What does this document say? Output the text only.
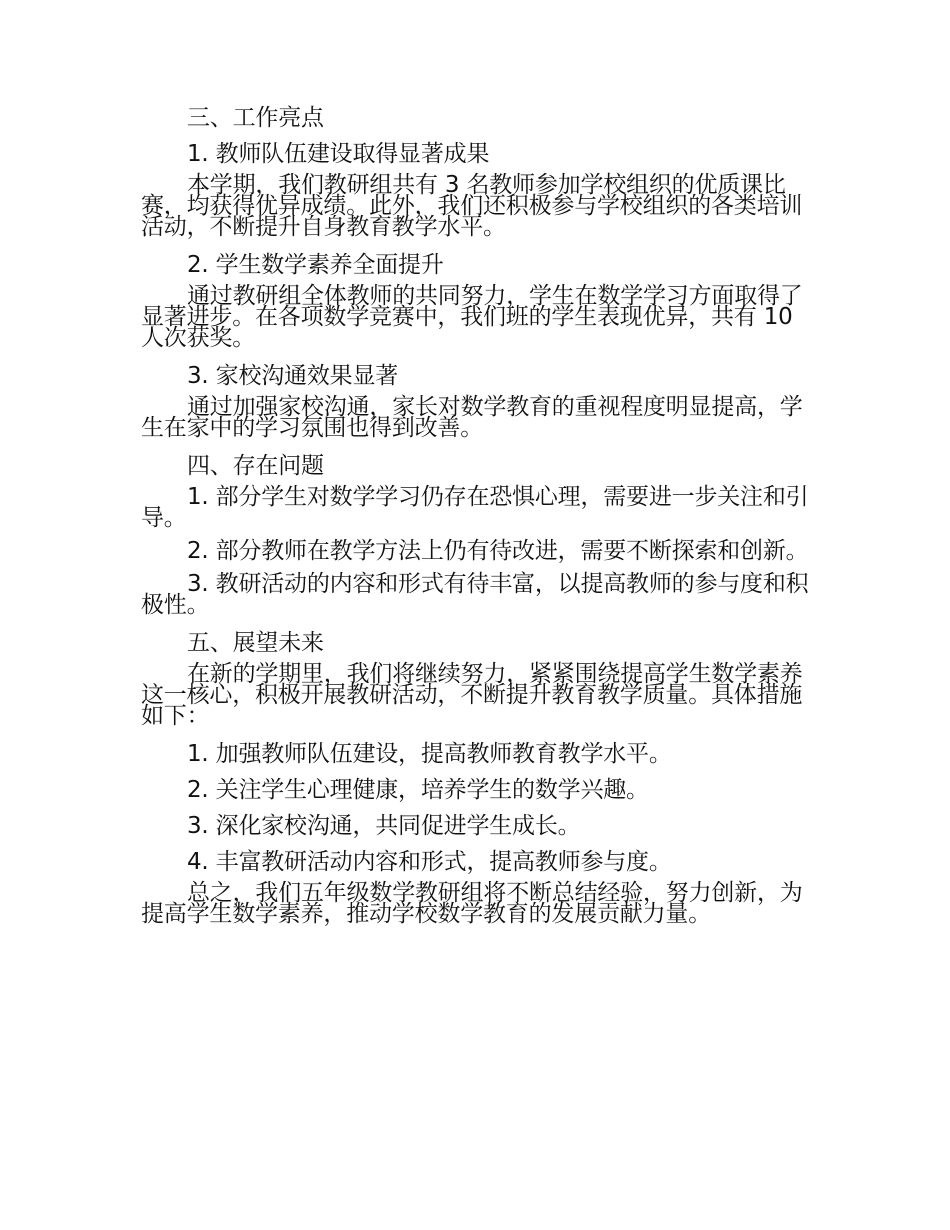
三、工作亮点

1. 教师队伍建设取得显著成果

本学期，我们教研组共有 3 名教师参加学校组织的优质课比赛，均获得优异成绩。此外，我们还积极参与学校组织的各类培训活动，不断提升自身教育教学水平。

2. 学生数学素养全面提升

通过教研组全体教师的共同努力，学生在数学学习方面取得了显著进步。在各项数学竞赛中，我们班的学生表现优异，共有 10 人次获奖。

3. 家校沟通效果显著

通过加强家校沟通，家长对数学教育的重视程度明显提高，学生在家中的学习氛围也得到改善。

四、存在问题

1. 部分学生对数学学习仍存在恐惧心理，需要进一步关注和引导。

2. 部分教师在教学方法上仍有待改进，需要不断探索和创新。

3. 教研活动的内容和形式有待丰富，以提高教师的参与度和积极性。

五、展望未来

在新的学期里，我们将继续努力，紧紧围绕提高学生数学素养这一核心，积极开展教研活动，不断提升教育教学质量。具体措施如下：

1. 加强教师队伍建设，提高教师教育教学水平。

2. 关注学生心理健康，培养学生的数学兴趣。

3. 深化家校沟通，共同促进学生成长。

4. 丰富教研活动内容和形式，提高教师参与度。

总之，我们五年级数学教研组将不断总结经验，努力创新，为提高学生数学素养，推动学校数学教育的发展贡献力量。
